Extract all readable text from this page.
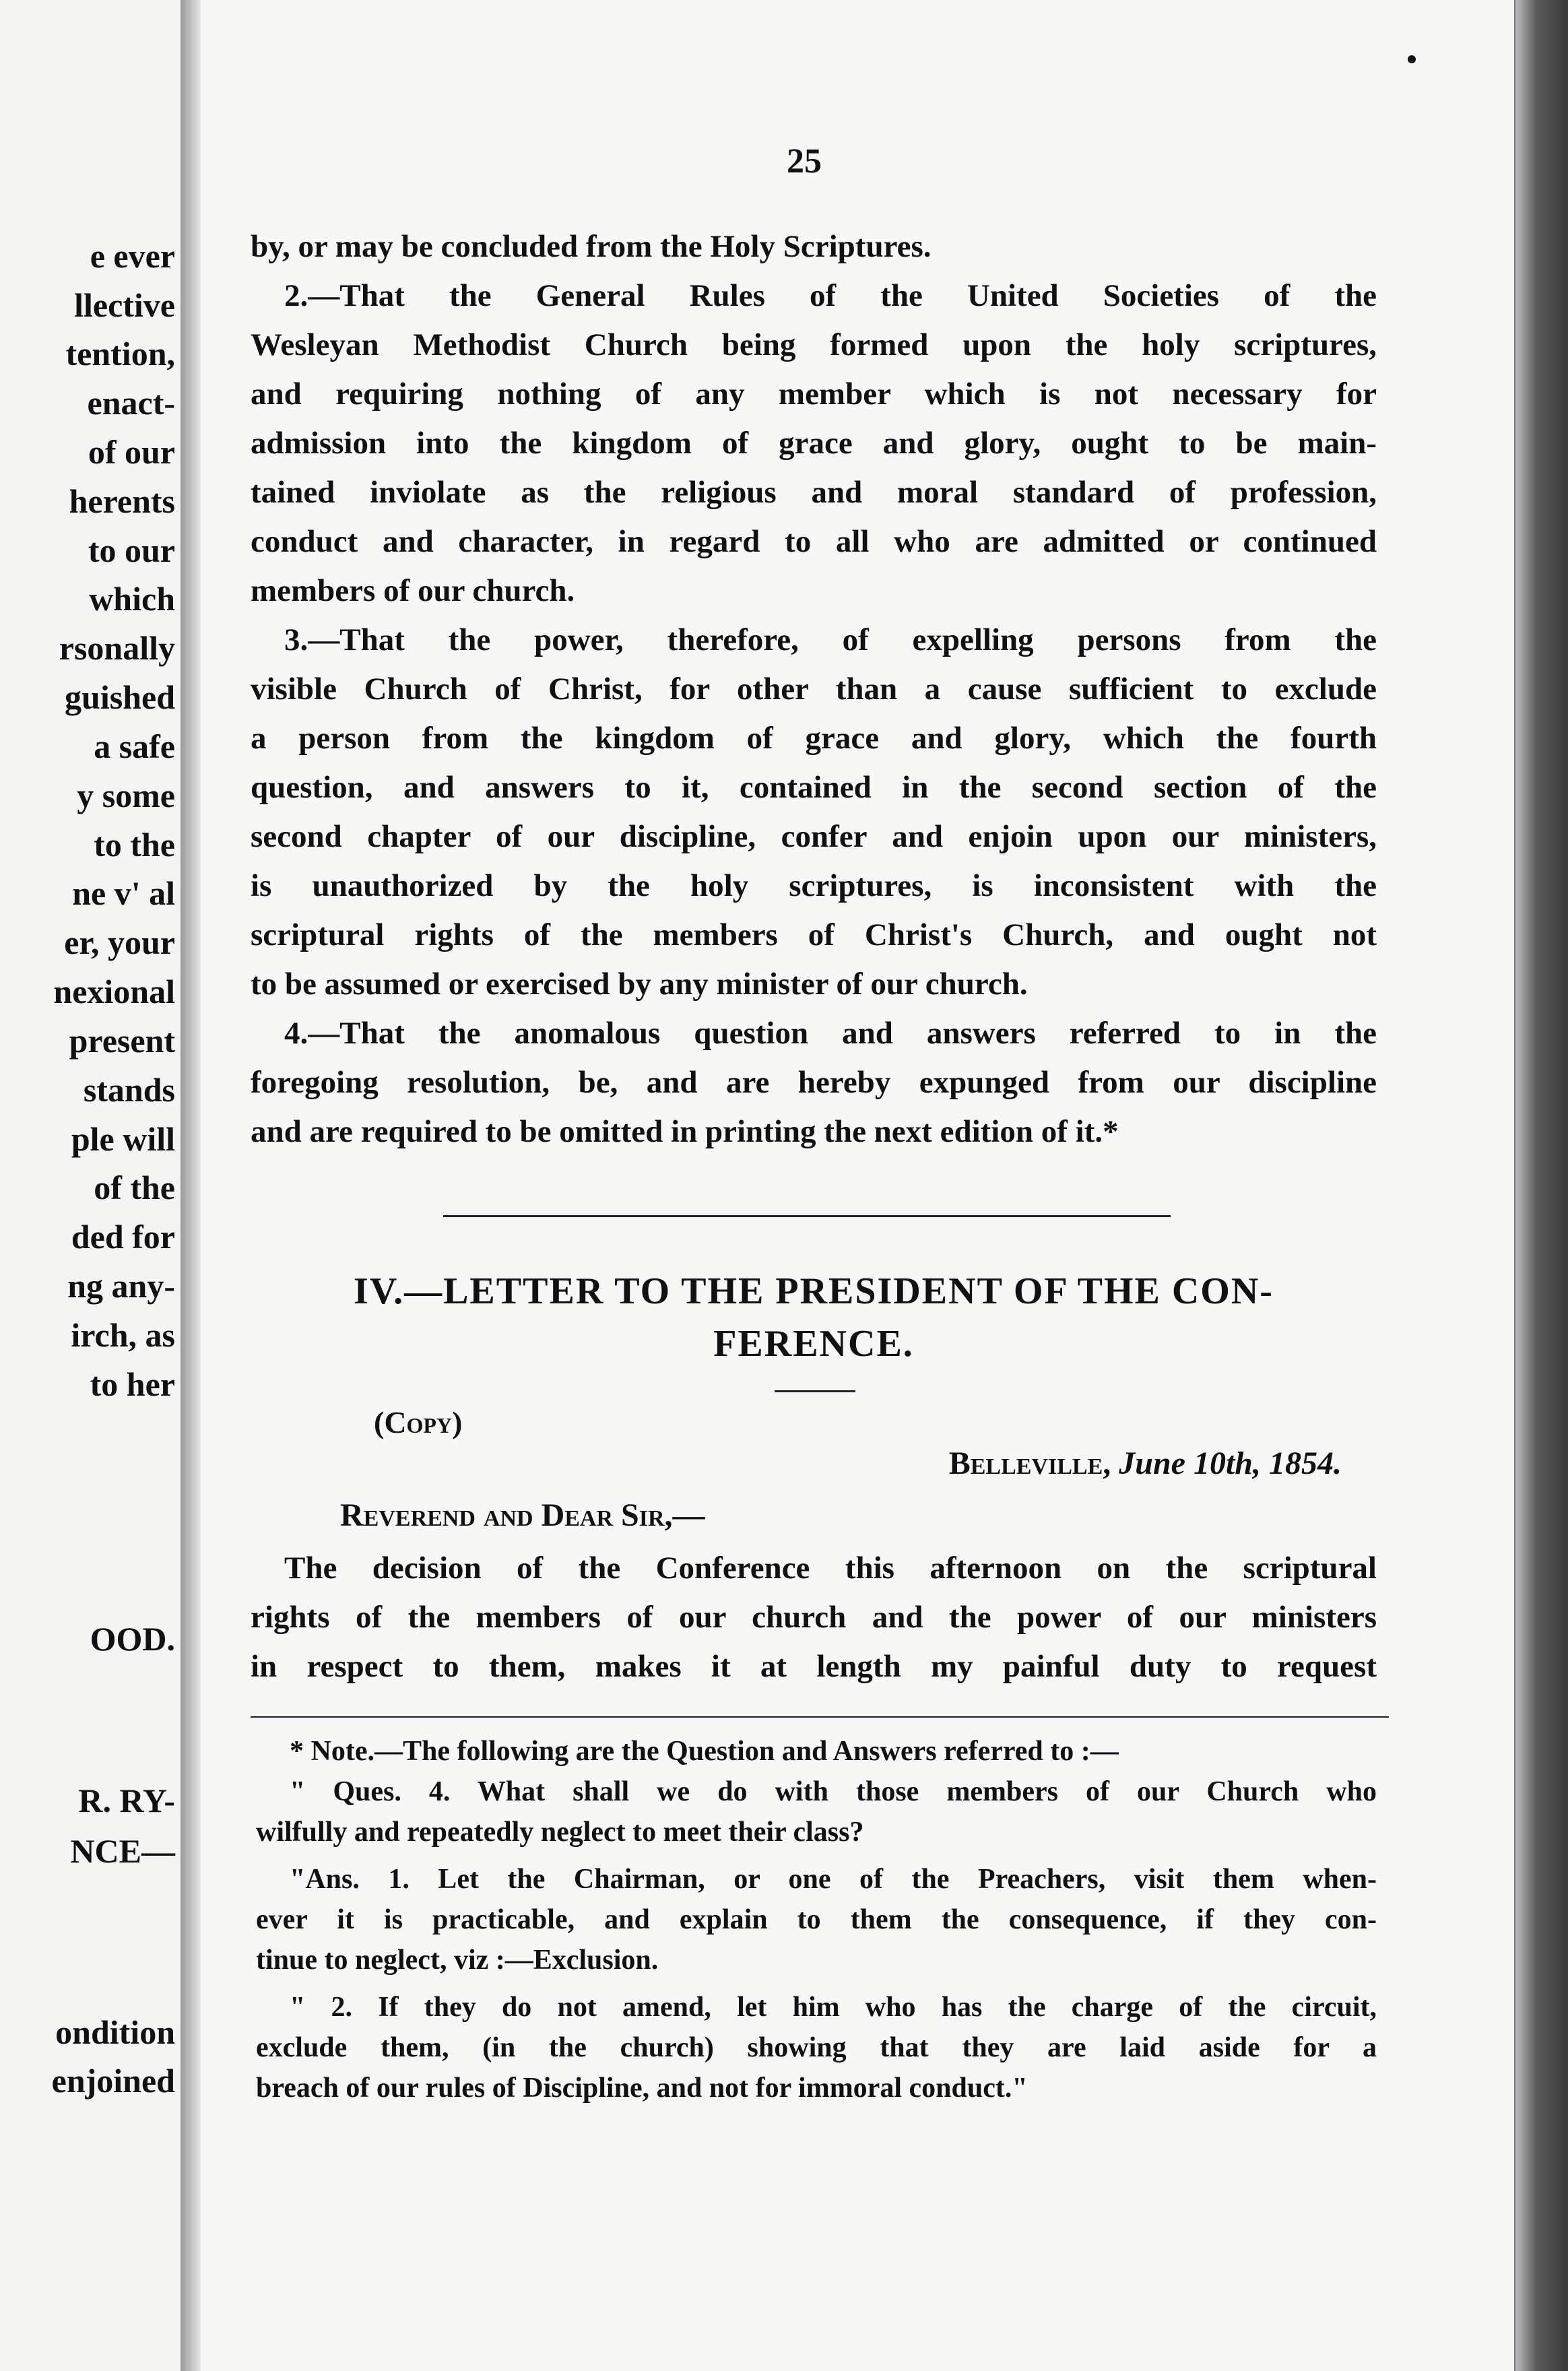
e ever
llective
tention,
enact-
of our
herents
to our
which
rsonally
guished
a safe
y some
to the
ne v' al
er, your
nexional
present
stands
ple will
of the
ded for
ng any-
irch, as
to her
OOD.
R. RY-
NCE—
ondition
enjoined
25
by, or may be concluded from the Holy Scriptures.
2.—That the General Rules of the United Societies of the
Wesleyan Methodist Church being formed upon the holy scriptures,
and requiring nothing of any member which is not necessary for
admission into the kingdom of grace and glory, ought to be main-
tained inviolate as the religious and moral standard of profession,
conduct and character, in regard to all who are admitted or continued
members of our church.
3.—That the power, therefore, of expelling persons from the
visible Church of Christ, for other than a cause sufficient to exclude
a person from the kingdom of grace and glory, which the fourth
question, and answers to it, contained in the second section of the
second chapter of our discipline, confer and enjoin upon our ministers,
is unauthorized by the holy scriptures, is inconsistent with the
scriptural rights of the members of Christ's Church, and ought not
to be assumed or exercised by any minister of our church.
4.—That the anomalous question and answers referred to in the
foregoing resolution, be, and are hereby expunged from our discipline
and are required to be omitted in printing the next edition of it.*
IV.—LETTER TO THE PRESIDENT OF THE CON-
FERENCE.
(Copy)
Belleville, June 10th, 1854.
Reverend and Dear Sir,—
The decision of the Conference this afternoon on the scriptural
rights of the members of our church and the power of our ministers
in respect to them, makes it at length my painful duty to request
* Note.—The following are the Question and Answers referred to :—
" Ques. 4. What shall we do with those members of our Church who
wilfully and repeatedly neglect to meet their class?
"Ans. 1. Let the Chairman, or one of the Preachers, visit them when-
ever it is practicable, and explain to them the consequence, if they con-
tinue to neglect, viz :—Exclusion.
" 2. If they do not amend, let him who has the charge of the circuit,
exclude them, (in the church) showing that they are laid aside for a
breach of our rules of Discipline, and not for immoral conduct."
